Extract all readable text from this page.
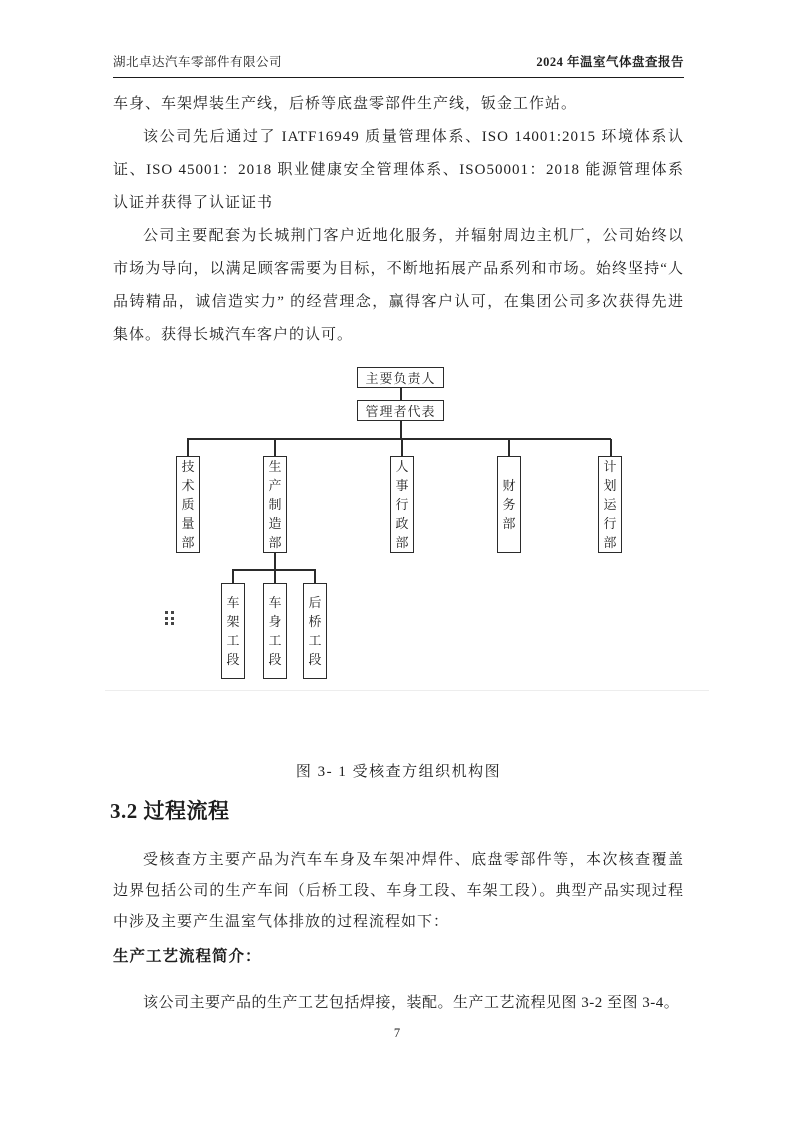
湖北卓达汽车零部件有限公司	2024 年温室气体盘查报告

车身、车架焊装生产线，后桥等底盘零部件生产线，钣金工作站。

该公司先后通过了 IATF16949 质量管理体系、ISO 14001:2015 环境体系认证、ISO 45001：2018 职业健康安全管理体系、ISO50001：2018 能源管理体系认证并获得了认证证书

公司主要配套为长城荆门客户近地化服务，并辐射周边主机厂，公司始终以市场为导向，以满足顾客需要为目标，不断地拓展产品系列和市场。始终坚持“人品铸精品，诚信造实力” 的经营理念，赢得客户认可，在集团公司多次获得先进集体。获得长城汽车客户的认可。

主要负责人
管理者代表
技术质量部
生产制造部
人事行政部
财务部
计划运行部
车架工段
车身工段
后桥工段
图 3- 1 受核查方组织机构图
3.2 过程流程
受核查方主要产品为汽车车身及车架冲焊件、底盘零部件等，本次核查覆盖边界包括公司的生产车间（后桥工段、车身工段、车架工段）。典型产品实现过程中涉及主要产生温室气体排放的过程流程如下：
生产工艺流程简介：
该公司主要产品的生产工艺包括焊接，装配。生产工艺流程见图 3-2 至图 3-4。
7
